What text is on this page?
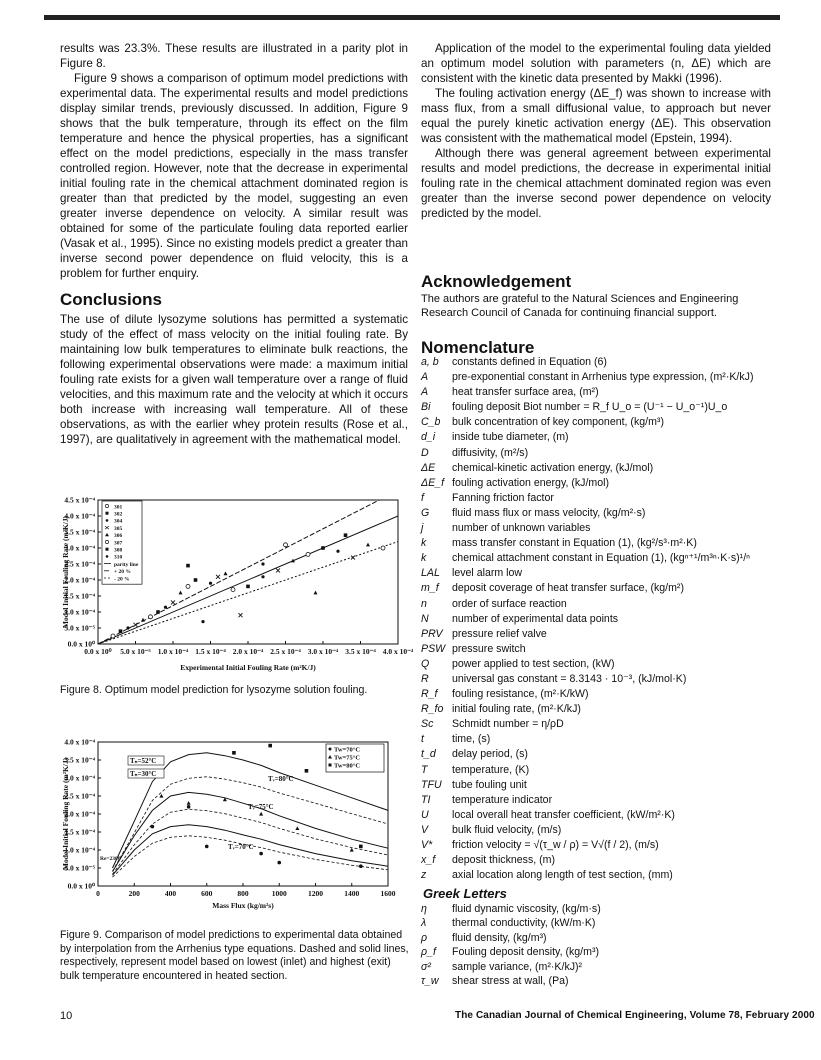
results was 23.3%. These results are illustrated in a parity plot in Figure 8.

Figure 9 shows a comparison of optimum model predictions with experimental data. The experimental results and model predictions display similar trends, previously discussed. In addition, Figure 9 shows that the bulk temperature, through its effect on the film temperature and hence the physical properties, has a significant effect on the model predictions, especially in the mass transfer controlled region. However, note that the decrease in experimental initial fouling rate in the chemical attachment dominated region is greater than that predicted by the model, suggesting an even greater inverse dependence on velocity. A similar result was obtained for some of the particulate fouling data reported earlier (Vasak et al., 1995). Since no existing models predict a greater than inverse second power dependence on fluid velocity, this is a problem for further enquiry.

Conclusions
The use of dilute lysozyme solutions has permitted a systematic study of the effect of mass velocity on the initial fouling rate. By maintaining low bulk temperatures to eliminate bulk reactions, the following experimental observations were made: a maximum initial fouling rate exists for a given wall temperature over a range of fluid velocities, and this maximum rate and the velocity at which it occurs both increase with increasing wall temperature. All of these observations, as with the earlier whey protein results (Rose et al., 1997), are qualitatively in agreement with the mathematical model.

Application of the model to the experimental fouling data yielded an optimum model solution with parameters (n, ΔE) which are consistent with the kinetic data presented by Makki (1996).

The fouling activation energy (ΔE_f) was shown to increase with mass flux, from a small diffusional value, to approach but never equal the purely kinetic activation energy (ΔE). This observation was consistent with the mathematical model (Epstein, 1994).

Although there was general agreement between experimental results and model predictions, the decrease in experimental initial fouling rate in the chemical attachment dominated region was even greater than the inverse second power dependence on velocity predicted by the model.

Acknowledgement
The authors are grateful to the Natural Sciences and Engineering Research Council of Canada for continuing financial support.
Nomenclature
a, b	constants defined in Equation (6)
A	pre-exponential constant in Arrhenius type expression, (m²·K/kJ)
A	heat transfer surface area, (m²)
Bi	fouling deposit Biot number = R_f U_o = (U⁻¹ − U_o⁻¹)U_o
C_b	bulk concentration of key component, (kg/m³)
d_i	inside tube diameter, (m)
D	diffusivity, (m²/s)
ΔE	chemical-kinetic activation energy, (kJ/mol)
ΔE_f fouling activation energy, (kJ/mol)
f	Fanning friction factor
G	fluid mass flux or mass velocity, (kg/m²·s)
j	number of unknown variables
k	mass transfer constant in Equation (1), (kg²/s³·m²·K)
k	chemical attachment constant in Equation (1), (kgⁿ⁺¹/m³ⁿ·K·s)¹/ⁿ
LAL	level alarm low
m_f	deposit coverage of heat transfer surface, (kg/m²)
n	order of surface reaction
N	number of experimental data points
PRV pressure relief valve
PSW pressure switch
Q	power applied to test section, (kW)
R	universal gas constant = 8.3143 · 10⁻³, (kJ/mol·K)
R_f	fouling resistance, (m²·K/kW)
R_fo initial fouling rate, (m²·K/kJ)
Sc	Schmidt number = η/ρD
t	time, (s)
t_d	delay period, (s)
T	temperature, (K)
TFU tube fouling unit
TI	temperature indicator
U	local overall heat transfer coefficient, (kW/m²·K)
V	bulk fluid velocity, (m/s)
V*	friction velocity = √(τ_w / ρ) = V√(f / 2), (m/s)
x_f	deposit thickness, (m)
z	axial location along length of test section, (mm)
Greek Letters
η	fluid dynamic viscosity, (kg/m·s)
λ	thermal conductivity, (kW/m·K)
ρ	fluid density, (kg/m³)
ρ_f	Fouling deposit density, (kg/m³)
σ²	sample variance, (m²·K/kJ)²
τ_w	shear stress at wall, (Pa)
0.0 x 10⁰
5.0 x 10⁻⁵
1.0 x 10⁻⁴
1.5 x 10⁻⁴
2.0 x 10⁻⁴
2.5 x 10⁻⁴
3.0 x 10⁻⁴
3.5 x 10⁻⁴
4.0 x 10⁻⁴
4.5 x 10⁻⁴
0.0 x 10⁰ 5.0 x 10⁻⁵ 1.0 x 10⁻⁴ 1.5 x 10⁻⁴ 2.0 x 10⁻⁴ 2.5 x 10⁻⁴ 3.0 x 10⁻⁴ 3.5 x 10⁻⁴ 4.0 x 10⁻⁴
Experimental Initial Fouling Rate (m²K/J)
Model Initial Fouling Rate (m²K/J)
301
302
304
305
306
307
308
310
parity line
+ 20 %
- 20 %
Figure 8. Optimum model prediction for lysozyme solution fouling.
0.0 x 10⁰
5.0 x 10⁻⁵
1.0 x 10⁻⁴
1.5 x 10⁻⁴
2.0 x 10⁻⁴
2.5 x 10⁻⁴
3.0 x 10⁻⁴
3.5 x 10⁻⁴
4.0 x 10⁻⁴
0	200	400	600	800	1000	1200	1400	1600
Mass Flux (kg/m²s)
Model Initial Fouling Rate (m²K/J)
Tw=70°C
Tw=75°C
Tw=80°C
Tₙ=52°C
Tₙ=30°C
Tᵥ=80°C
Tᵥ=75°C
Tᵥ=70°C
Re=2300
Figure 9. Comparison of model predictions to experimental data obtained by interpolation from the Arrhenius type equations. Dashed and solid lines, respectively, represent model based on lowest (inlet) and highest (exit) bulk temperature encountered in heated section.
10	The Canadian Journal of Chemical Engineering, Volume 78, February 2000
